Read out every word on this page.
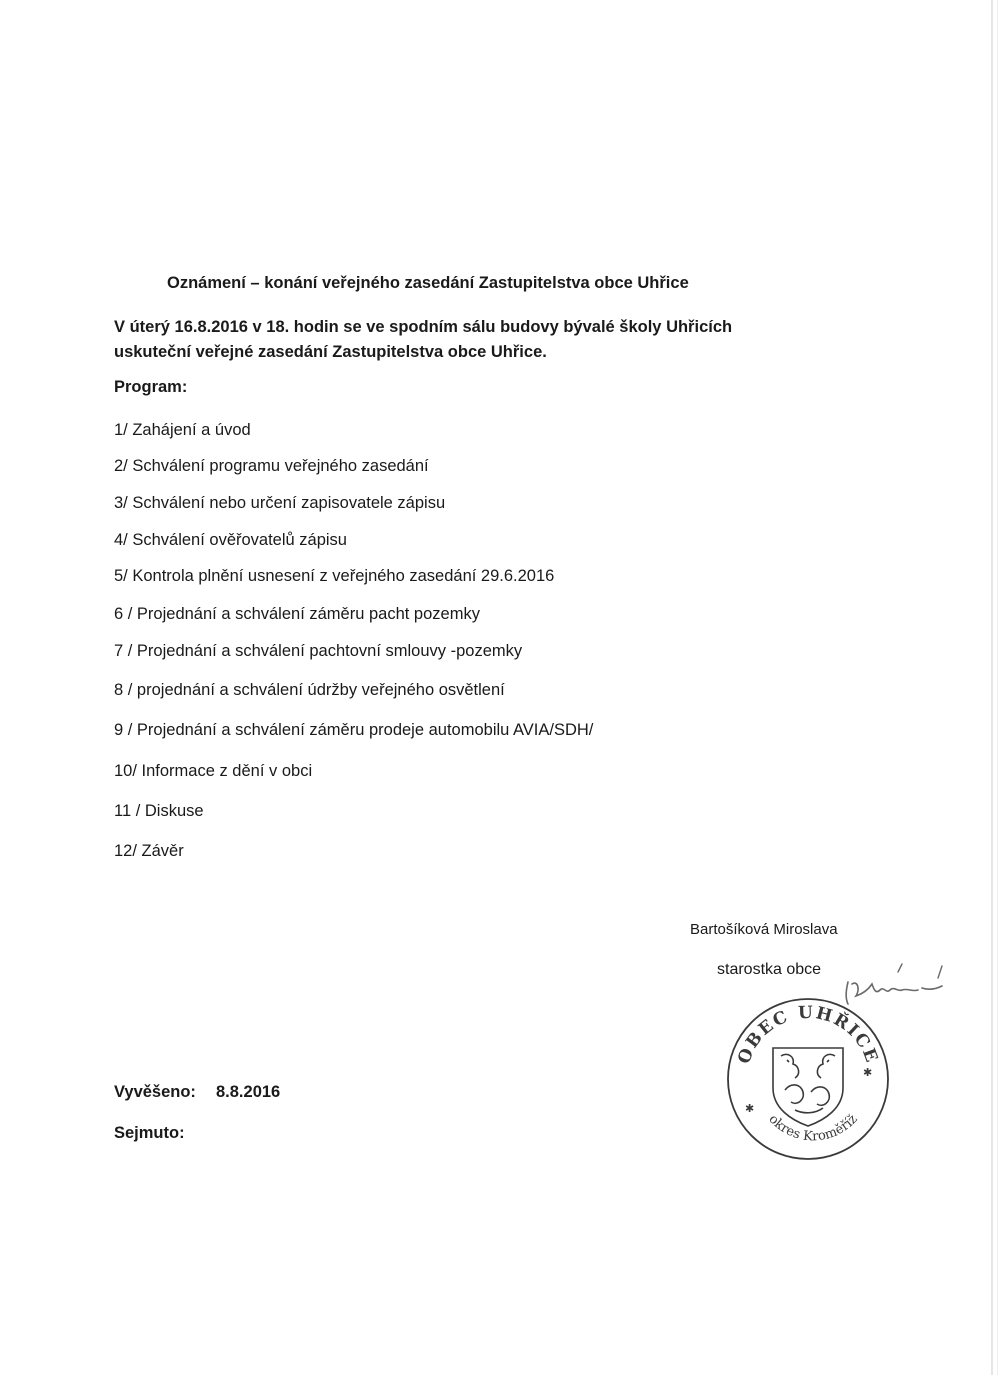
Oznámení – konání veřejného zasedání Zastupitelstva obce Uhřice
V úterý 16.8.2016 v 18. hodin se ve spodním sálu budovy bývalé školy Uhřicích
uskuteční veřejné zasedání Zastupitelstva obce Uhřice.
Program:
1/ Zahájení a úvod
2/ Schválení programu veřejného zasedání
3/ Schválení nebo určení zapisovatele zápisu
4/ Schválení ověřovatelů zápisu
5/ Kontrola plnění usnesení z veřejného zasedání 29.6.2016
6 / Projednání a schválení záměru pacht pozemky
7 / Projednání a schválení pachtovní smlouvy -pozemky
8 / projednání a schválení údržby veřejného osvětlení
9 / Projednání a schválení záměru prodeje automobilu AVIA/SDH/
10/ Informace z dění v obci
11 / Diskuse
12/ Závěr
Bartošíková Miroslava
starostka obce
OBEC UHŘICE
okres Kroměříž
✱
✱
Vyvěšeno: 8.8.2016
Sejmuto:
